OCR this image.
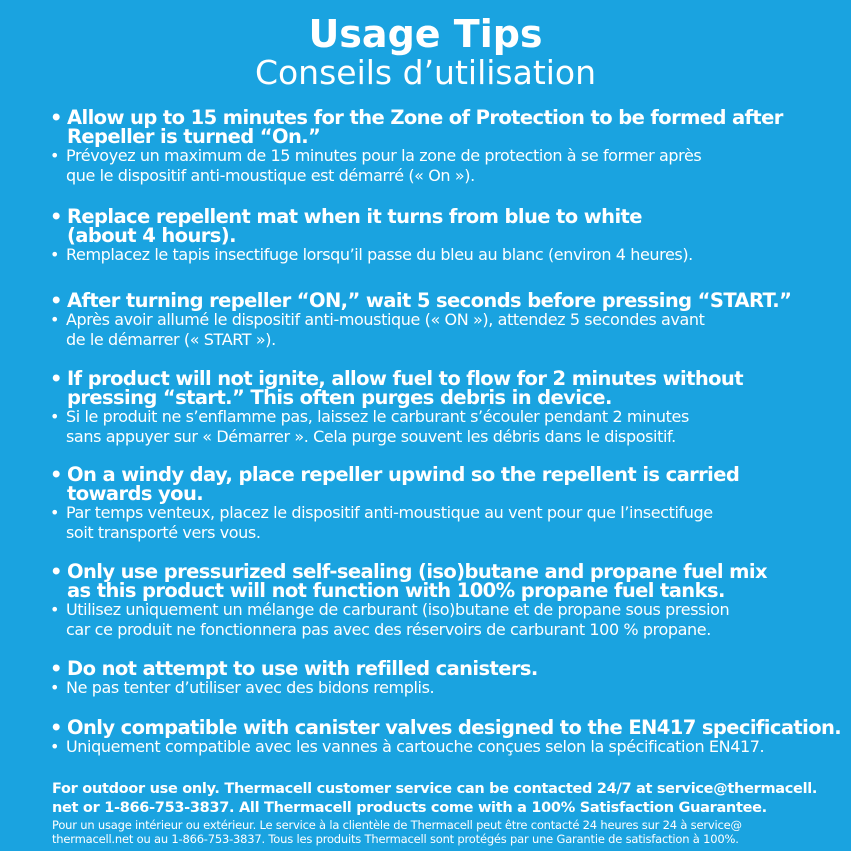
Usage Tips
Conseils d’utilisation
• Allow up to 15 minutes for the Zone of Protection to be formed after
Repeller is turned “On.”
• Prévoyez un maximum de 15 minutes pour la zone de protection à se former après
que le dispositif anti-moustique est démarré (« On »).
• Replace repellent mat when it turns from blue to white
(about 4 hours).
• Remplacez le tapis insectifuge lorsqu’il passe du bleu au blanc (environ 4 heures).
• After turning repeller “ON,” wait 5 seconds before pressing “START.”
• Après avoir allumé le dispositif anti-moustique (« ON »), attendez 5 secondes avant
de le démarrer (« START »).
• If product will not ignite, allow fuel to flow for 2 minutes without
pressing “start.” This often purges debris in device.
• Si le produit ne s’enflamme pas, laissez le carburant s’écouler pendant 2 minutes
sans appuyer sur « Démarrer ». Cela purge souvent les débris dans le dispositif.
• On a windy day, place repeller upwind so the repellent is carried
towards you.
• Par temps venteux, placez le dispositif anti-moustique au vent pour que l’insectifuge
soit transporté vers vous.
• Only use pressurized self-sealing (iso)butane and propane fuel mix
as this product will not function with 100% propane fuel tanks.
• Utilisez uniquement un mélange de carburant (iso)butane et de propane sous pression
car ce produit ne fonctionnera pas avec des réservoirs de carburant 100 % propane.
• Do not attempt to use with refilled canisters.
• Ne pas tenter d’utiliser avec des bidons remplis.
• Only compatible with canister valves designed to the EN417 specification.
• Uniquement compatible avec les vannes à cartouche conçues selon la spécification EN417.
For outdoor use only. Thermacell customer service can be contacted 24/7 at service@thermacell.
net or 1-866-753-3837. All Thermacell products come with a 100% Satisfaction Guarantee.
Pour un usage intérieur ou extérieur. Le service à la clientèle de Thermacell peut être contacté 24 heures sur 24 à service@
thermacell.net ou au 1-866-753-3837. Tous les produits Thermacell sont protégés par une Garantie de satisfaction à 100%.
